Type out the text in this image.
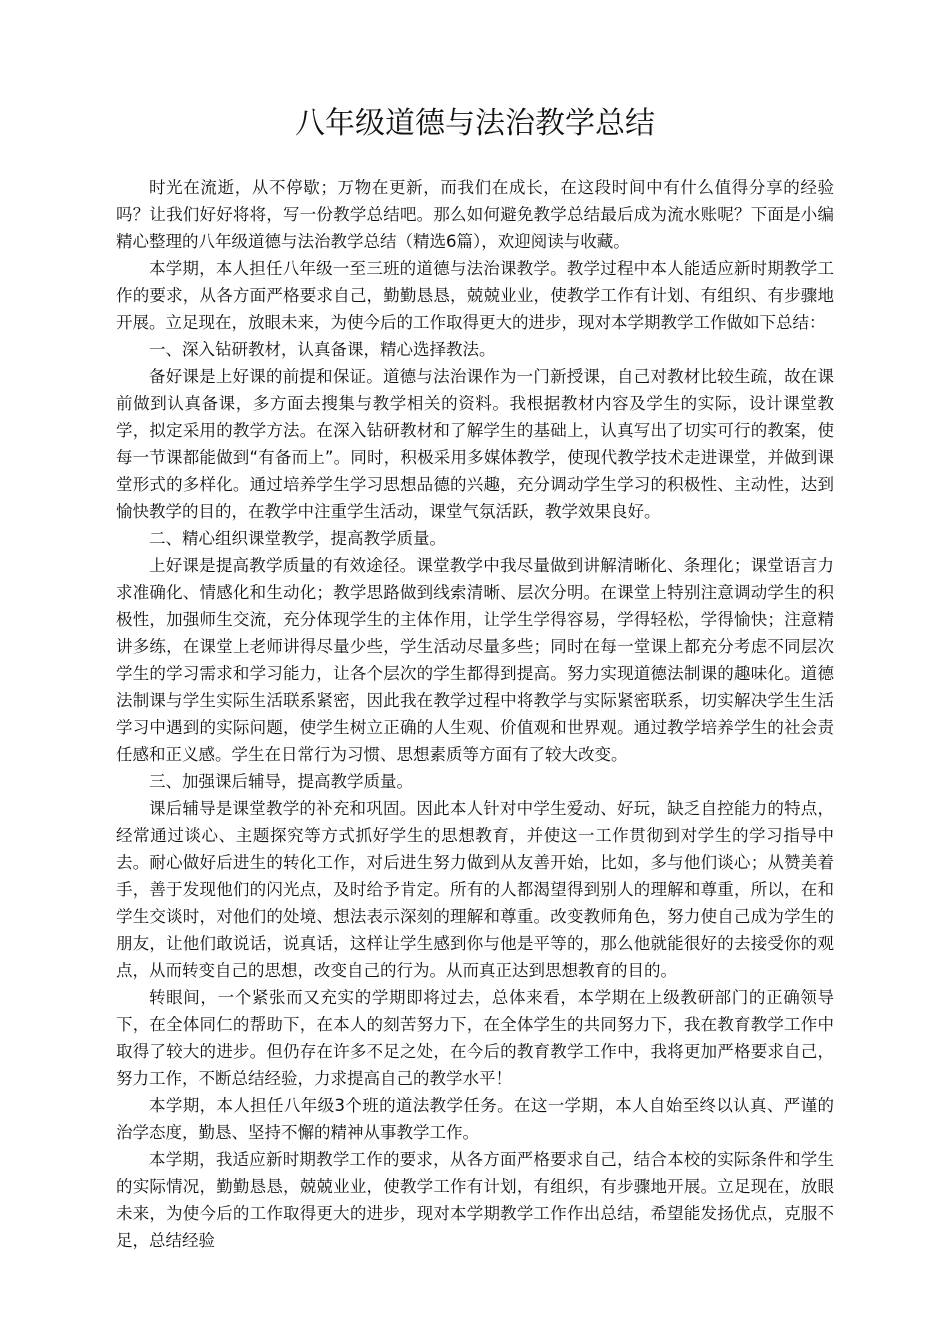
八年级道德与法治教学总结

时光在流逝，从不停歇；万物在更新，而我们在成长，在这段时间中有什么值得分享的经验吗？让我们好好将将，写一份教学总结吧。那么如何避免教学总结最后成为流水账呢？下面是小编精心整理的八年级道德与法治教学总结（精选6篇），欢迎阅读与收藏。

本学期，本人担任八年级一至三班的道德与法治课教学。教学过程中本人能适应新时期教学工作的要求，从各方面严格要求自己，勤勤恳恳，兢兢业业，使教学工作有计划、有组织、有步骤地开展。立足现在，放眼未来，为使今后的工作取得更大的进步，现对本学期教学工作做如下总结：

一、深入钻研教材，认真备课，精心选择教法。

备好课是上好课的前提和保证。道德与法治课作为一门新授课，自己对教材比较生疏，故在课前做到认真备课，多方面去搜集与教学相关的资料。我根据教材内容及学生的实际，设计课堂教学，拟定采用的教学方法。在深入钻研教材和了解学生的基础上，认真写出了切实可行的教案，使每一节课都能做到“有备而上”。同时，积极采用多媒体教学，使现代教学技术走进课堂，并做到课堂形式的多样化。通过培养学生学习思想品德的兴趣，充分调动学生学习的积极性、主动性，达到愉快教学的目的，在教学中注重学生活动，课堂气氛活跃，教学效果良好。

二、精心组织课堂教学，提高教学质量。

上好课是提高教学质量的有效途径。课堂教学中我尽量做到讲解清晰化、条理化；课堂语言力求准确化、情感化和生动化；教学思路做到线索清晰、层次分明。在课堂上特别注意调动学生的积极性，加强师生交流，充分体现学生的主体作用，让学生学得容易，学得轻松，学得愉快；注意精讲多练，在课堂上老师讲得尽量少些，学生活动尽量多些；同时在每一堂课上都充分考虑不同层次学生的学习需求和学习能力，让各个层次的学生都得到提高。努力实现道德法制课的趣味化。道德法制课与学生实际生活联系紧密，因此我在教学过程中将教学与实际紧密联系，切实解决学生生活学习中遇到的实际问题，使学生树立正确的人生观、价值观和世界观。通过教学培养学生的社会责任感和正义感。学生在日常行为习惯、思想素质等方面有了较大改变。

三、加强课后辅导，提高教学质量。

课后辅导是课堂教学的补充和巩固。因此本人针对中学生爱动、好玩，缺乏自控能力的特点，经常通过谈心、主题探究等方式抓好学生的思想教育，并使这一工作贯彻到对学生的学习指导中去。耐心做好后进生的转化工作，对后进生努力做到从友善开始，比如，多与他们谈心；从赞美着手，善于发现他们的闪光点，及时给予肯定。所有的人都渴望得到别人的理解和尊重，所以，在和学生交谈时，对他们的处境、想法表示深刻的理解和尊重。改变教师角色，努力使自己成为学生的朋友，让他们敢说话，说真话，这样让学生感到你与他是平等的，那么他就能很好的去接受你的观点，从而转变自己的思想，改变自己的行为。从而真正达到思想教育的目的。

转眼间，一个紧张而又充实的学期即将过去，总体来看，本学期在上级教研部门的正确领导下，在全体同仁的帮助下，在本人的刻苦努力下，在全体学生的共同努力下，我在教育教学工作中取得了较大的进步。但仍存在许多不足之处，在今后的教育教学工作中，我将更加严格要求自己，努力工作，不断总结经验，力求提高自己的教学水平！

本学期，本人担任八年级3个班的道法教学任务。在这一学期，本人自始至终以认真、严谨的治学态度，勤恳、坚持不懈的精神从事教学工作。

本学期，我适应新时期教学工作的要求，从各方面严格要求自己，结合本校的实际条件和学生的实际情况，勤勤恳恳，兢兢业业，使教学工作有计划，有组织，有步骤地开展。立足现在，放眼未来，为使今后的工作取得更大的进步，现对本学期教学工作作出总结，希望能发扬优点，克服不足，总结经验
